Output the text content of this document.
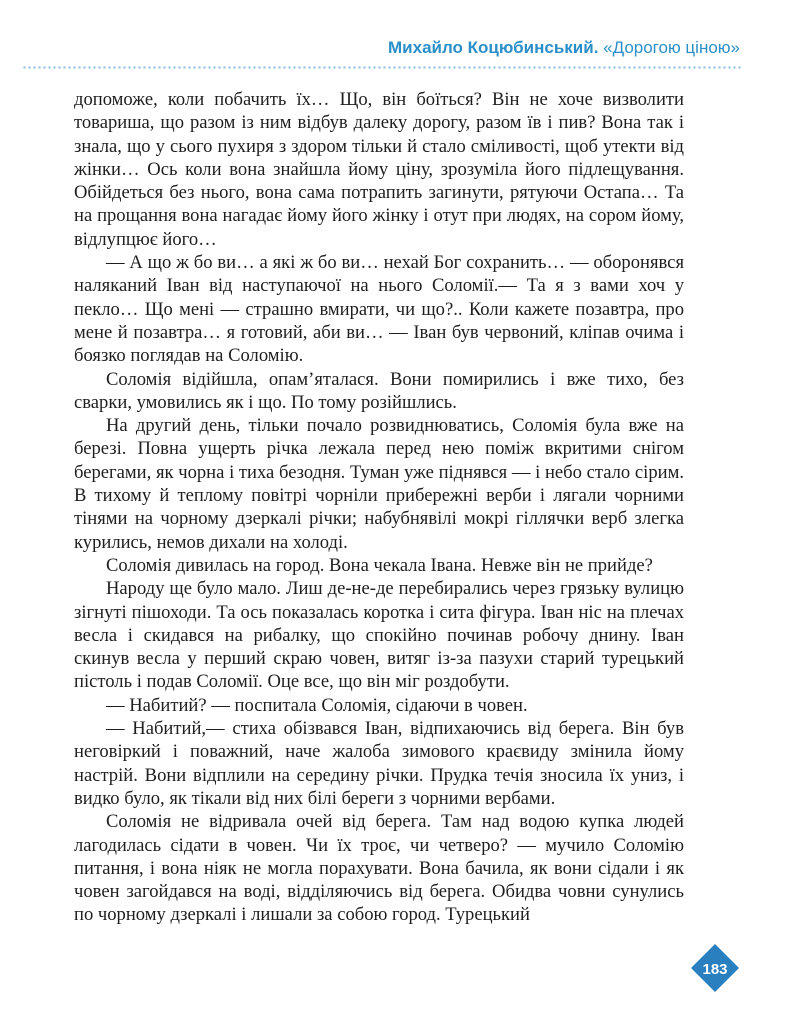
Михайло Коцюбинський. «Дорогою ціною»

допоможе, коли побачить їх… Що, він боїться? Він не хоче визволити товариша, що разом із ним відбув далеку дорогу, разом їв і пив? Вона так і знала, що у сього пухиря з здором тільки й стало сміливості, щоб утекти від жінки… Ось коли вона знайшла йому ціну, зрозуміла його підлещування. Обійдеться без нього, вона сама потрапить загинути, рятуючи Остапа… Та на прощання вона нагадає йому його жінку і отут при людях, на сором йому, відлупцює його…

— А що ж бо ви… а які ж бо ви… нехай Бог сохранить… — оборонявся наляканий Іван від наступаючої на нього Соломії.— Та я з вами хоч у пекло… Що мені — страшно вмирати, чи що?.. Коли кажете позавтра, про мене й позавтра… я готовий, аби ви… — Іван був червоний, кліпав очима і боязко поглядав на Соломію.

Соломія відійшла, опам’яталася. Вони помирились і вже тихо, без сварки, умовились як і що. По тому розійшлись.

На другий день, тільки почало розвиднюватись, Соломія була вже на березі. Повна ущерть річка лежала перед нею поміж вкритими снігом берегами, як чорна і тиха безодня. Туман уже піднявся — і небо стало сірим. В тихому й теплому повітрі чорніли прибережні верби і лягали чорними тінями на чорному дзеркалі річки; набубнявілі мокрі гіллячки верб злегка курились, немов дихали на холоді.

Соломія дивилась на город. Вона чекала Івана. Невже він не прийде?

Народу ще було мало. Лиш де-не-де перебирались через грязьку вулицю зігнуті пішоходи. Та ось показалась коротка і сита фігура. Іван ніс на плечах весла і скидався на рибалку, що спокійно починав робочу днину. Іван скинув весла у перший скраю човен, витяг із-за пазухи старий турецький пістоль і подав Соломії. Оце все, що він міг роздобути.

— Набитий? — поспитала Соломія, сідаючи в човен.

— Набитий,— стиха обізвався Іван, відпихаючись від берега. Він був неговіркий і поважний, наче жалоба зимового краєвиду змінила йому настрій. Вони відплили на середину річки. Прудка течія зносила їх униз, і видко було, як тікали від них білі береги з чорними вербами.

Соломія не відривала очей від берега. Там над водою купка людей лагодилась сідати в човен. Чи їх троє, чи четверо? — мучило Соломію питання, і вона ніяк не могла порахувати. Вона бачила, як вони сідали і як човен загойдався на воді, відділяючись від берега. Обидва човни сунулись по чорному дзеркалі і лишали за собою город. Турецький

183
